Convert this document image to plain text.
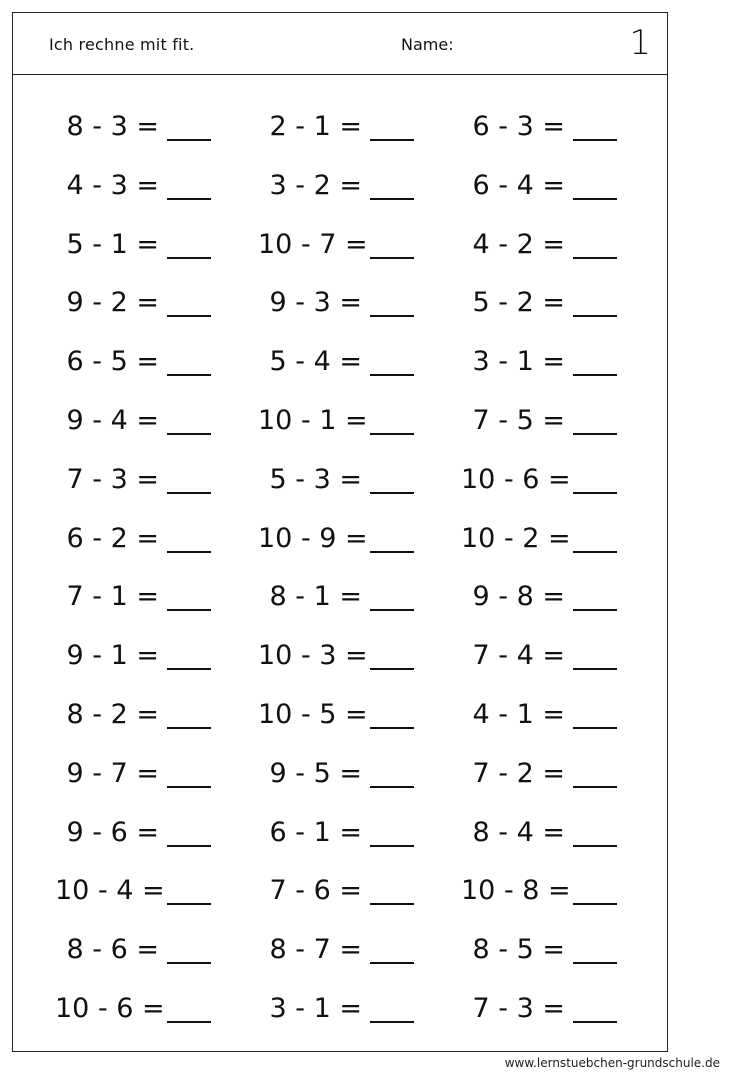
Ich rechne mit fit.	Name:	1
8 - 3 =	2 - 1 =	6 - 3 =
4 - 3 =	3 - 2 =	6 - 4 =
5 - 1 =	10 - 7 =	4 - 2 =
9 - 2 =	9 - 3 =	5 - 2 =
6 - 5 =	5 - 4 =	3 - 1 =
9 - 4 =	10 - 1 =	7 - 5 =
7 - 3 =	5 - 3 =	10 - 6 =
6 - 2 =	10 - 9 =	10 - 2 =
7 - 1 =	8 - 1 =	9 - 8 =
9 - 1 =	10 - 3 =	7 - 4 =
8 - 2 =	10 - 5 =	4 - 1 =
9 - 7 =	9 - 5 =	7 - 2 =
9 - 6 =	6 - 1 =	8 - 4 =
10 - 4 =	7 - 6 =	10 - 8 =
8 - 6 =	8 - 7 =	8 - 5 =
10 - 6 =	3 - 1 =	7 - 3 =
www.lernstuebchen-grundschule.de
